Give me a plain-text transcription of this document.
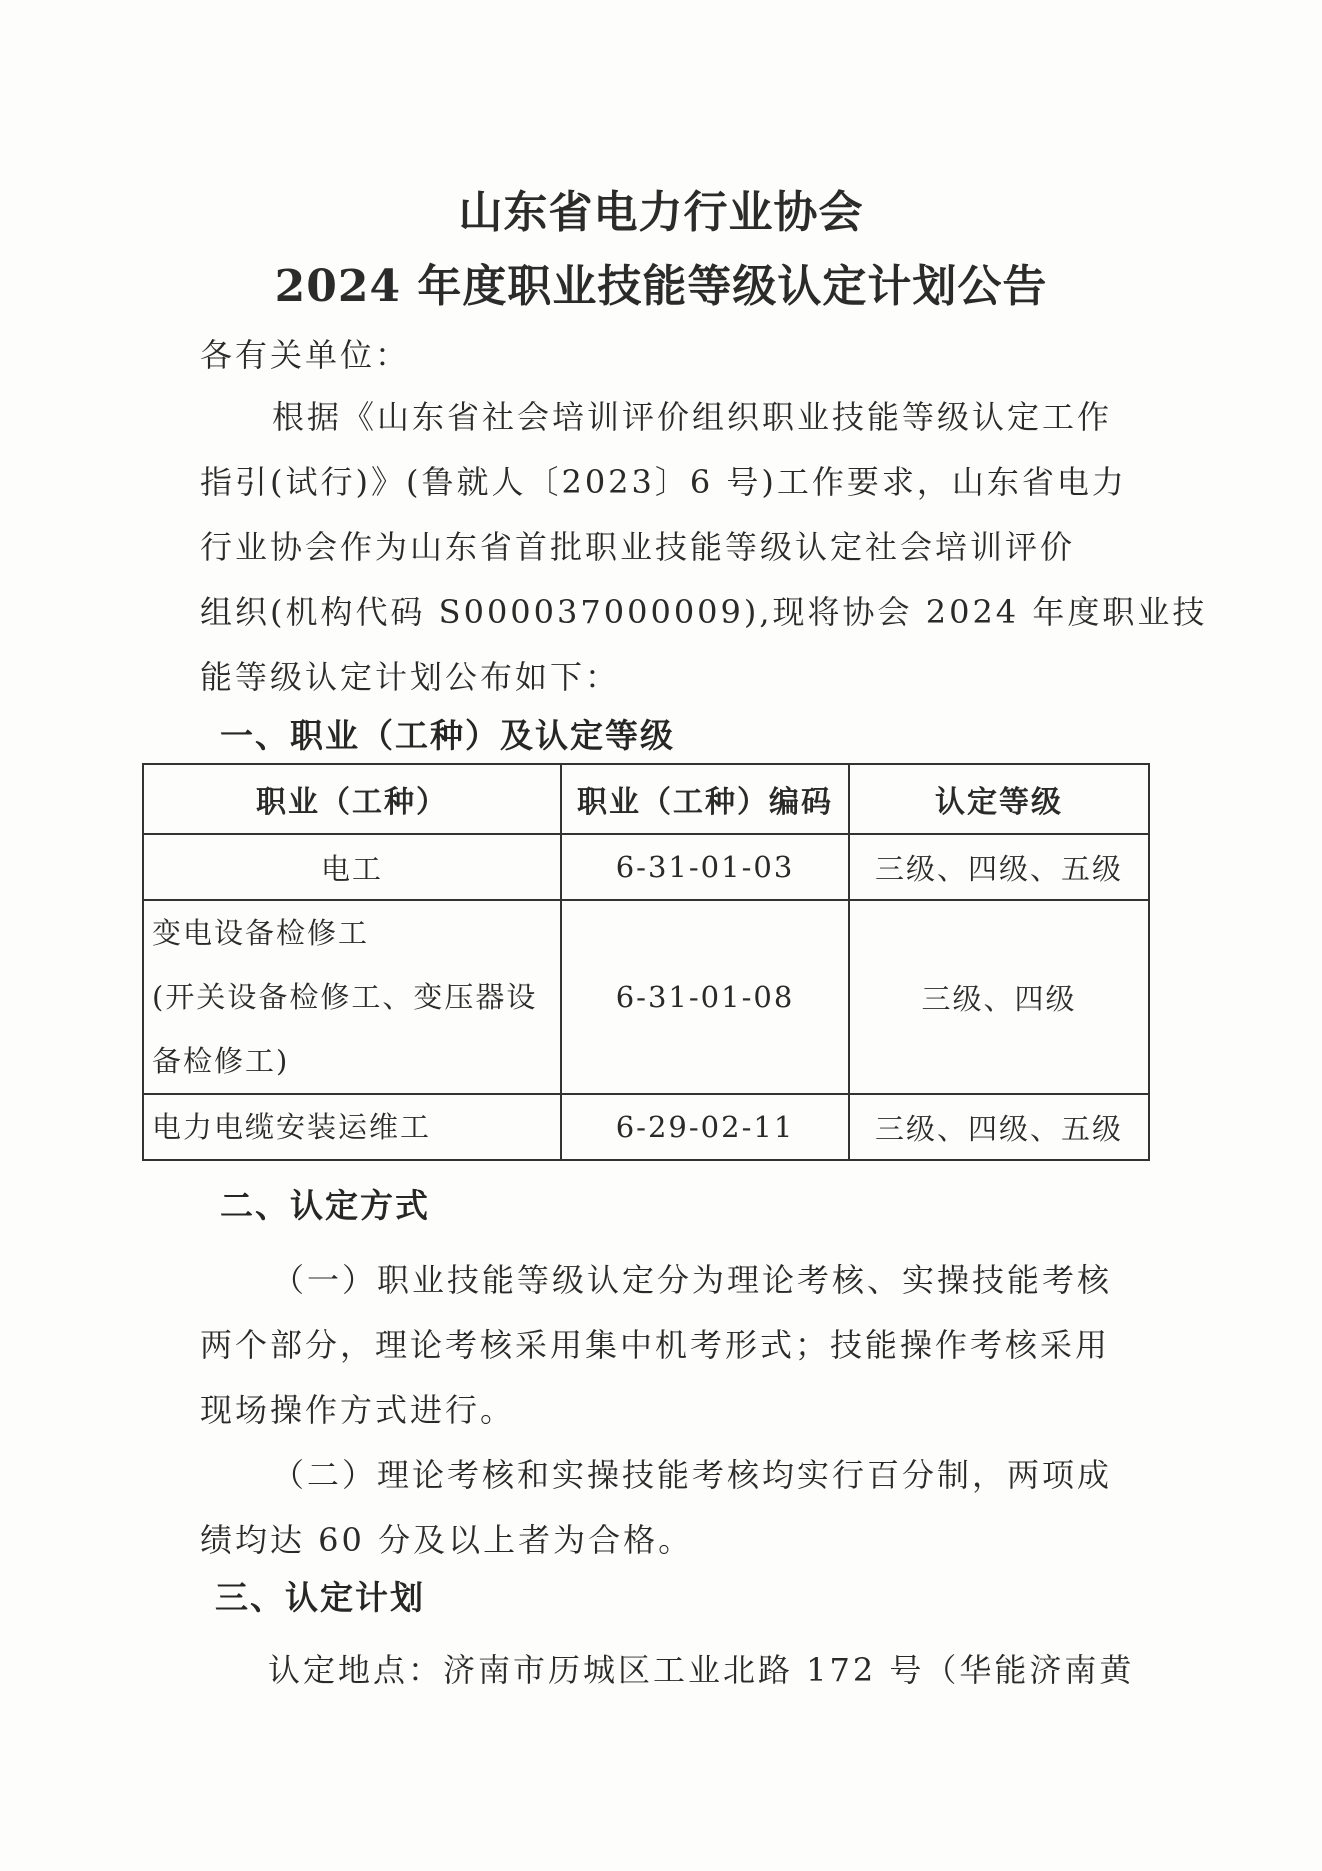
山东省电力行业协会
2024 年度职业技能等级认定计划公告
各有关单位：
根据《山东省社会培训评价组织职业技能等级认定工作
指引(试行)》(鲁就人〔2023〕6 号)工作要求，山东省电力
行业协会作为山东省首批职业技能等级认定社会培训评价
组织(机构代码 S000037000009),现将协会 2024 年度职业技
能等级认定计划公布如下：
一、职业（工种）及认定等级
职业（工种）	职业（工种）编码	认定等级
电工	6-31-01-03	三级、四级、五级

变电设备检修工
(开关设备检修工、变压器设
备检修工)	6-31-01-08	三级、四级
电力电缆安装运维工	6-29-02-11	三级、四级、五级
二、认定方式
（一）职业技能等级认定分为理论考核、实操技能考核
两个部分，理论考核采用集中机考形式；技能操作考核采用
现场操作方式进行。
（二）理论考核和实操技能考核均实行百分制，两项成
绩均达 60 分及以上者为合格。
三、认定计划
认定地点：济南市历城区工业北路 172 号（华能济南黄
